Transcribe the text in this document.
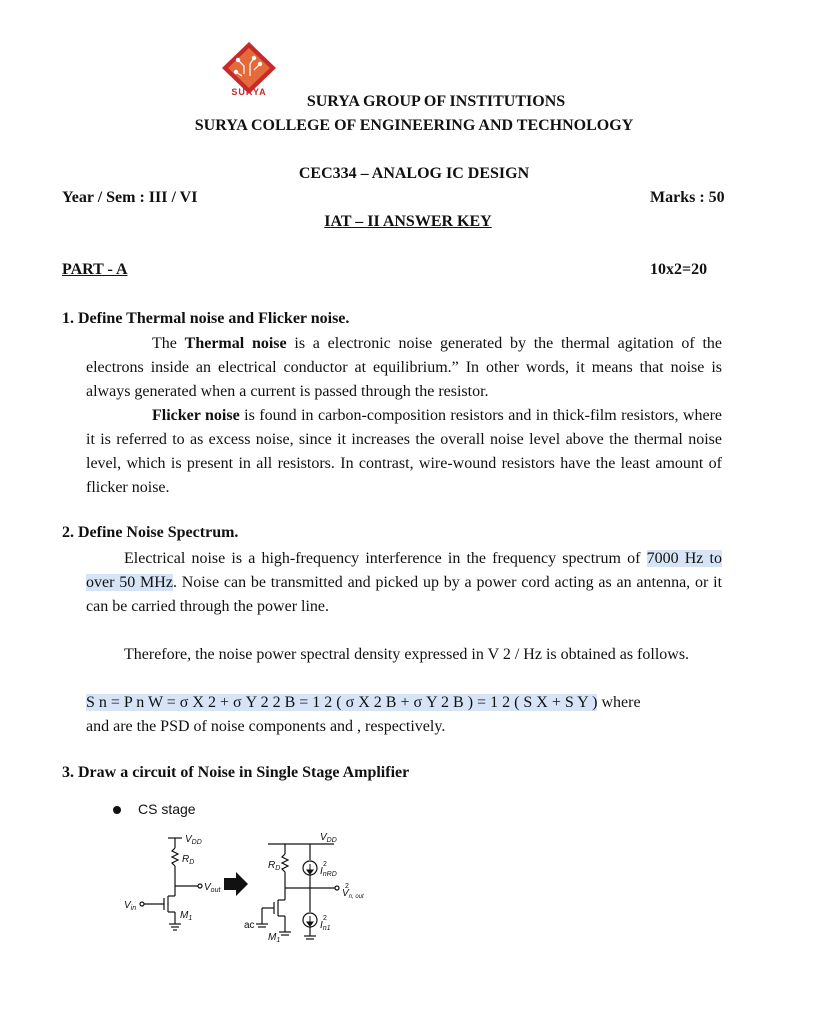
SURYA
SURYA GROUP OF INSTITUTIONS
SURYA COLLEGE OF ENGINEERING AND TECHNOLOGY
CEC334 – ANALOG IC DESIGN
Year / Sem : III / VI	Marks : 50
IAT – II ANSWER KEY
PART - A	10x2=20
1. Define Thermal noise and Flicker noise.
The Thermal noise is a electronic noise generated by the thermal agitation of the electrons inside an electrical conductor at equilibrium.” In other words, it means that noise is always generated when a current is passed through the resistor.
Flicker noise is found in carbon-composition resistors and in thick-film resistors, where it is referred to as excess noise, since it increases the overall noise level above the thermal noise level, which is present in all resistors. In contrast, wire-wound resistors have the least amount of flicker noise.
2. Define Noise Spectrum.
Electrical noise is a high-frequency interference in the frequency spectrum of 7000 Hz to over 50 MHz. Noise can be transmitted and picked up by a power cord acting as an antenna, or it can be carried through the power line.
Therefore, the noise power spectral density expressed in V 2 / Hz is obtained as follows.
S n = P n W = σ X 2 + σ Y 2 2 B = 1 2 ( σ X 2 B + σ Y 2 B ) = 1 2 ( S X + S Y ) where
and are the PSD of noise components and , respectively.
3. Draw a circuit of Noise in Single Stage Amplifier
CS stage
$V_{DD}$
$R_D$
$V_{out}$
$V_{in}$
$M_1$
$V_{DD}$
$R_D$	$I_{nRD}$
$V_{n, out}$
ac
$M_1$
$I_{n1}$
2
2
2
